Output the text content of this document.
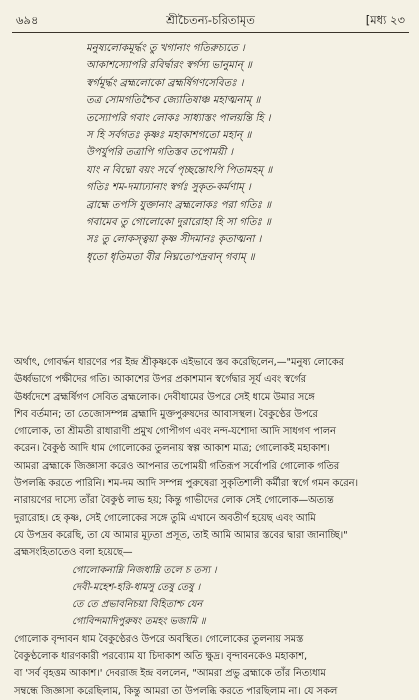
৬৯৪	শ্রীচৈতন্য-চরিতামৃত	[মধ্য ২৩
মনুষ্যলোকমূর্দ্ধং তু খগানাং গতিরুচ্যতে ।
আকাশস্যোপরি রবির্দ্বারং স্বর্গস্য ভানুমান্ ॥
স্বর্গমূর্দ্ধং ব্রহ্মলোকো ব্রহ্মর্ষিগণসেবিতঃ ।
তত্র সোমগতিশ্চৈব জ্যোতিষাঞ্চ মহাত্মনাম্ ॥
তস্যোপরি গবাং লোকঃ সাধ্যাস্তং পালয়ন্তি হি ।
স হি সর্বগতঃ কৃষ্ণঃ মহাকাশগতো মহান্ ॥
উপর্যুপরি তত্রাপি গতিস্তব তপোময়ী ।
যাং ন বিদ্মো বয়ং সর্বে পৃচ্ছন্তোঽপি পিতামহম্ ॥
গতিঃ শম-দমাঢ্যানাং স্বর্গঃ সুকৃত-কর্মণাম্ ।
ব্রাহ্মে তপসি যুক্তানাং ব্রহ্মলোকঃ পরা গতিঃ ॥
গবামেব তু গোলোকো দুরারোহা হি সা গতিঃ ॥
সঃ তু লোকস্ত্বয়া কৃষ্ণ সীদমানঃ কৃতাত্মনা ।
ধৃতো ধৃতিমতা বীর নিঘ্নতোপদ্রবান্ গবাম্ ॥
অর্থাৎ, গোবর্দ্ধন ধারণের পর ইন্দ্র শ্রীকৃষ্ণকে এইভাবে স্তব করেছিলেন,—"মনুষ্য লোকের
ঊর্ধ্বভাগে পক্ষীদের গতি। আকাশের উপর প্রকাশমান স্বর্গেদ্বার সূর্য এবং স্বর্গের
ঊর্ধ্বদেশে ব্রহ্মর্ষিগণ সেবিত ব্রহ্মলোক। দেবীধামের উপরে সেই ধামে উমার সঙ্গে
শিব বর্তমান; তা তেজোসম্পন্ন ব্রহ্মাদি মুক্তপুরুষদের আবাসস্থল। বৈকুণ্ঠের উপরে
গোলোক, তা শ্রীমতী রাধারাণী প্রমুখ গোপীগণ এবং নন্দ-যশোদা আদি সাধগণ পালন
করেন। বৈকুণ্ঠ আদি ধাম গোলোকের তুলনায় স্বল্প আকাশ মাত্র; গোলোকই মহাকাশ।
আমরা ব্রহ্মাকে জিজ্ঞাসা করেও আপনার তপোময়ী গতিরূপ সর্বোপরি গোলোক গতির
উপলব্ধি করতে পারিনি। শম-দম আদি সম্পন্ন পুরুষেরা সুকৃতিশালী কর্মীরা স্বর্গে গমন করেন।
নারায়ণের দাস্যে তাঁরা বৈকুণ্ঠ লাভ হয়; কিন্তু গাভীদের লোক সেই গোলোক—অত্যন্ত
দুরারোহ। হে কৃষ্ণ, সেই গোলোকের সঙ্গে তুমি এখানে অবতীর্ণ হয়েছ এবং আমি
যে উপদ্রব করেছি, তা যে আমার মূঢ়তা প্রসূত, তাই আমি আমার স্তবের দ্বারা জানাচ্ছি।"
ব্রহ্মসংহিতাতেও বলা হয়েছে—
গোলোকনাম্নি নিজধাম্নি তলে চ তস্য ।
দেবী-মহেশ-হরি-ধামসু তেষু তেষু ।
তে তে প্রভাবনিচয়া বিহিতাশ্চ যেন
গোবিন্দমাদিপুরুষং তমহং ভজামি ॥
গোলোক বৃন্দাবন ধাম বৈকুণ্ঠেরও উপরে অবস্থিত। গোলোকের তুলনায় সমস্ত
বৈকুণ্ঠলোক ধারণকারী পরব্যোম যা চিদাকাশ অতি ক্ষুদ্র। বৃন্দাবনকেও মহাকাশ,
বা 'সর্ব বৃহত্তম আকাশ।' দেবরাজ ইন্দ্র বললেন, "আমরা প্রভু ব্রহ্মাকে তাঁর নিত্যধাম
সম্বন্ধে জিজ্ঞাসা করেছিলাম, কিন্তু আমরা তা উপলব্ধি করতে পারছিলাম না। যে সকল
